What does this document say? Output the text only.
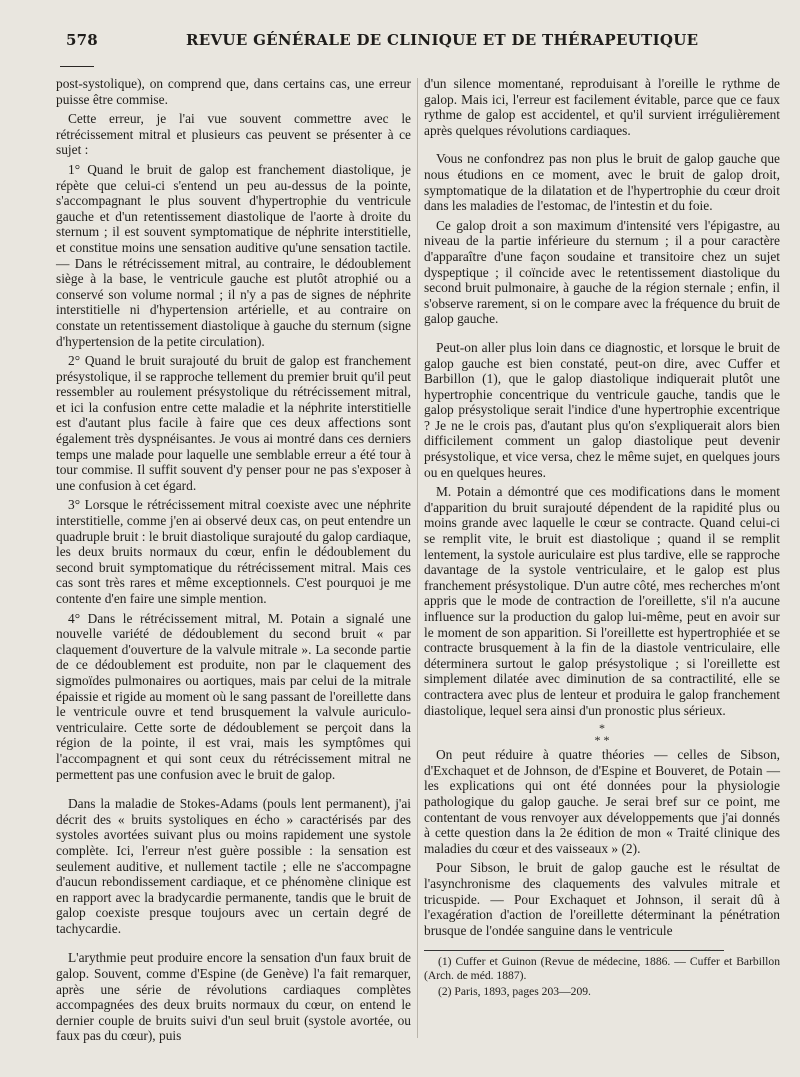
578	REVUE GÉNÉRALE DE CLINIQUE ET DE THÉRAPEUTIQUE

post-systolique), on comprend que, dans certains cas, une erreur puisse être commise.

Cette erreur, je l'ai vue souvent commettre avec le rétrécissement mitral et plusieurs cas peuvent se présenter à ce sujet :

1° Quand le bruit de galop est franchement diastolique, je répète que celui-ci s'entend un peu au-dessus de la pointe, s'accompagnant le plus souvent d'hypertrophie du ventricule gauche et d'un retentissement diastolique de l'aorte à droite du sternum ; il est souvent symptomatique de néphrite interstitielle, et constitue moins une sensation auditive qu'une sensation tactile. — Dans le rétrécissement mitral, au contraire, le dédoublement siège à la base, le ventricule gauche est plutôt atrophié ou a conservé son volume normal ; il n'y a pas de signes de néphrite interstitielle ni d'hypertension artérielle, et au contraire on constate un retentissement diastolique à gauche du sternum (signe d'hypertension de la petite circulation).

2° Quand le bruit surajouté du bruit de galop est franchement présystolique, il se rapproche tellement du premier bruit qu'il peut ressembler au roulement présystolique du rétrécissement mitral, et ici la confusion entre cette maladie et la néphrite interstitielle est d'autant plus facile à faire que ces deux affections sont également très dyspnéisantes. Je vous ai montré dans ces derniers temps une malade pour laquelle une semblable erreur a été tour à tour commise. Il suffit souvent d'y penser pour ne pas s'exposer à une confusion à cet égard.

3° Lorsque le rétrécissement mitral coexiste avec une néphrite interstitielle, comme j'en ai observé deux cas, on peut entendre un quadruple bruit : le bruit diastolique surajouté du galop cardiaque, les deux bruits normaux du cœur, enfin le dédoublement du second bruit symptomatique du rétrécissement mitral. Mais ces cas sont très rares et même exceptionnels. C'est pourquoi je me contente d'en faire une simple mention.

4° Dans le rétrécissement mitral, M. Potain a signalé une nouvelle variété de dédoublement du second bruit « par claquement d'ouverture de la valvule mitrale ». La seconde partie de ce dédoublement est produite, non par le claquement des sigmoïdes pulmonaires ou aortiques, mais par celui de la mitrale épaissie et rigide au moment où le sang passant de l'oreillette dans le ventricule ouvre et tend brusquement la valvule auriculo-ventriculaire. Cette sorte de dédoublement se perçoit dans la région de la pointe, il est vrai, mais les symptômes qui l'accompagnent et qui sont ceux du rétrécissement mitral ne permettent pas une confusion avec le bruit de galop.

Dans la maladie de Stokes-Adams (pouls lent permanent), j'ai décrit des « bruits systoliques en écho » caractérisés par des systoles avortées suivant plus ou moins rapidement une systole complète. Ici, l'erreur n'est guère possible : la sensation est seulement auditive, et nullement tactile ; elle ne s'accompagne d'aucun rebondissement cardiaque, et ce phénomène clinique est en rapport avec la bradycardie permanente, tandis que le bruit de galop coexiste presque toujours avec un certain degré de tachycardie.

L'arythmie peut produire encore la sensation d'un faux bruit de galop. Souvent, comme d'Espine (de Genève) l'a fait remarquer, après une série de révolutions cardiaques complètes accompagnées des deux bruits normaux du cœur, on entend le dernier couple de bruits suivi d'un seul bruit (systole avortée, ou faux pas du cœur), puis

d'un silence momentané, reproduisant à l'oreille le rythme de galop. Mais ici, l'erreur est facilement évitable, parce que ce faux rythme de galop est accidentel, et qu'il survient irrégulièrement après quelques révolutions cardiaques.

Vous ne confondrez pas non plus le bruit de galop gauche que nous étudions en ce moment, avec le bruit de galop droit, symptomatique de la dilatation et de l'hypertrophie du cœur droit dans les maladies de l'estomac, de l'intestin et du foie.

Ce galop droit a son maximum d'intensité vers l'épigastre, au niveau de la partie inférieure du sternum ; il a pour caractère d'apparaître d'une façon soudaine et transitoire chez un sujet dyspeptique ; il coïncide avec le retentissement diastolique du second bruit pulmonaire, à gauche de la région sternale ; enfin, il s'observe rarement, si on le compare avec la fréquence du bruit de galop gauche.

Peut-on aller plus loin dans ce diagnostic, et lorsque le bruit de galop gauche est bien constaté, peut-on dire, avec Cuffer et Barbillon (1), que le galop diastolique indiquerait plutôt une hypertrophie concentrique du ventricule gauche, tandis que le galop présystolique serait l'indice d'une hypertrophie excentrique ? Je ne le crois pas, d'autant plus qu'on s'expliquerait alors bien difficilement comment un galop diastolique peut devenir présystolique, et vice versa, chez le même sujet, en quelques jours ou en quelques heures.

M. Potain a démontré que ces modifications dans le moment d'apparition du bruit surajouté dépendent de la rapidité plus ou moins grande avec laquelle le cœur se contracte. Quand celui-ci se remplit vite, le bruit est diastolique ; quand il se remplit lentement, la systole auriculaire est plus tardive, elle se rapproche davantage de la systole ventriculaire, et le galop est plus franchement présystolique. D'un autre côté, mes recherches m'ont appris que le mode de contraction de l'oreillette, s'il n'a aucune influence sur la production du galop lui-même, peut en avoir sur le moment de son apparition. Si l'oreillette est hypertrophiée et se contracte brusquement à la fin de la diastole ventriculaire, elle déterminera surtout le galop présystolique ; si l'oreillette est simplement dilatée avec diminution de sa contractilité, elle se contractera avec plus de lenteur et produira le galop franchement diastolique, lequel sera ainsi d'un pronostic plus sérieux.

*
* *

On peut réduire à quatre théories — celles de Sibson, d'Exchaquet et de Johnson, de d'Espine et Bouveret, de Potain — les explications qui ont été données pour la physiologie pathologique du galop gauche. Je serai bref sur ce point, me contentant de vous renvoyer aux développements que j'ai donnés à cette question dans la 2e édition de mon « Traité clinique des maladies du cœur et des vaisseaux » (2).

Pour Sibson, le bruit de galop gauche est le résultat de l'asynchronisme des claquements des valvules mitrale et tricuspide. — Pour Exchaquet et Johnson, il serait dû à l'exagération d'action de l'oreillette déterminant la pénétration brusque de l'ondée sanguine dans le ventricule

(1) Cuffer et Guinon (Revue de médecine, 1886. — Cuffer et Barbillon (Arch. de méd. 1887).

(2) Paris, 1893, pages 203—209.
